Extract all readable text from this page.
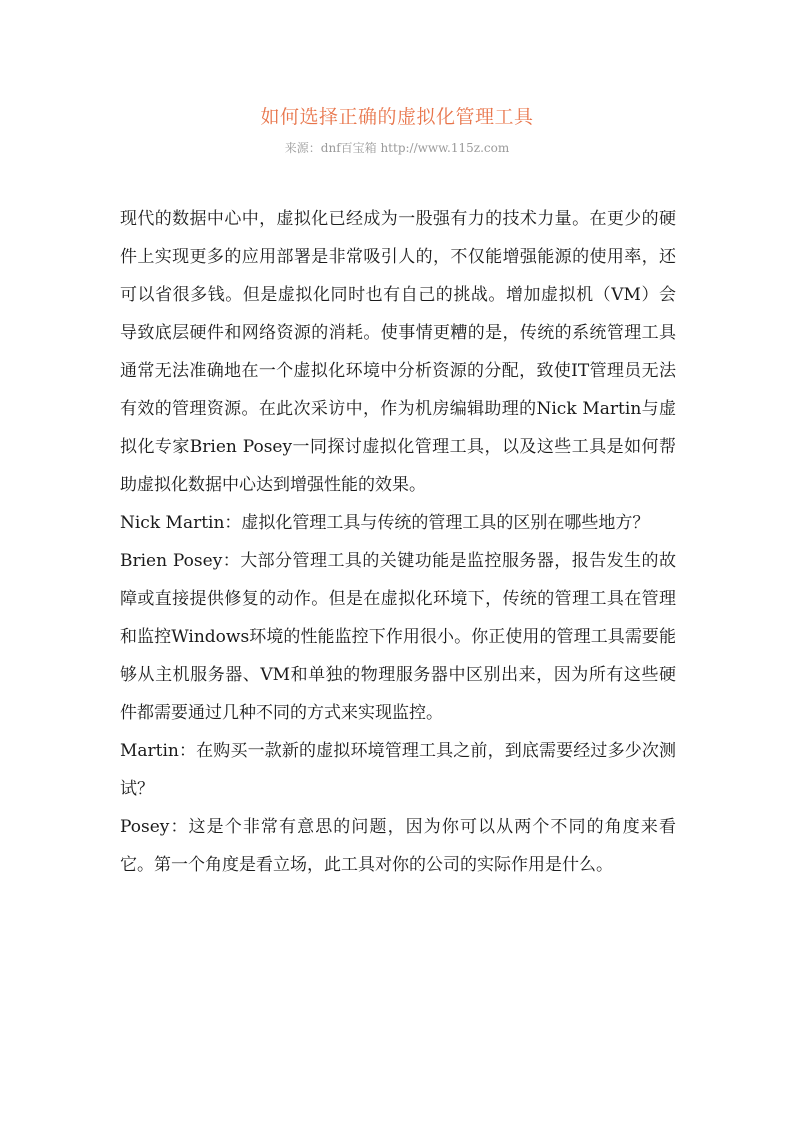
如何选择正确的虚拟化管理工具
来源：dnf百宝箱 http://www.115z.com

现代的数据中心中，虚拟化已经成为一股强有力的技术力量。在更少的硬件上实现更多的应用部署是非常吸引人的，不仅能增强能源的使用率，还可以省很多钱。但是虚拟化同时也有自己的挑战。增加虚拟机（VM）会导致底层硬件和网络资源的消耗。使事情更糟的是，传统的系统管理工具通常无法准确地在一个虚拟化环境中分析资源的分配，致使IT管理员无法有效的管理资源。在此次采访中，作为机房编辑助理的Nick Martin与虚拟化专家Brien Posey一同探讨虚拟化管理工具，以及这些工具是如何帮助虚拟化数据中心达到增强性能的效果。

Nick Martin：虚拟化管理工具与传统的管理工具的区别在哪些地方？

Brien Posey：大部分管理工具的关键功能是监控服务器，报告发生的故障或直接提供修复的动作。但是在虚拟化环境下，传统的管理工具在管理和监控Windows环境的性能监控下作用很小。你正使用的管理工具需要能够从主机服务器、VM和单独的物理服务器中区别出来，因为所有这些硬件都需要通过几种不同的方式来实现监控。

Martin：在购买一款新的虚拟环境管理工具之前，到底需要经过多少次测试？

Posey：这是个非常有意思的问题，因为你可以从两个不同的角度来看它。第一个角度是看立场，此工具对你的公司的实际作用是什么。
